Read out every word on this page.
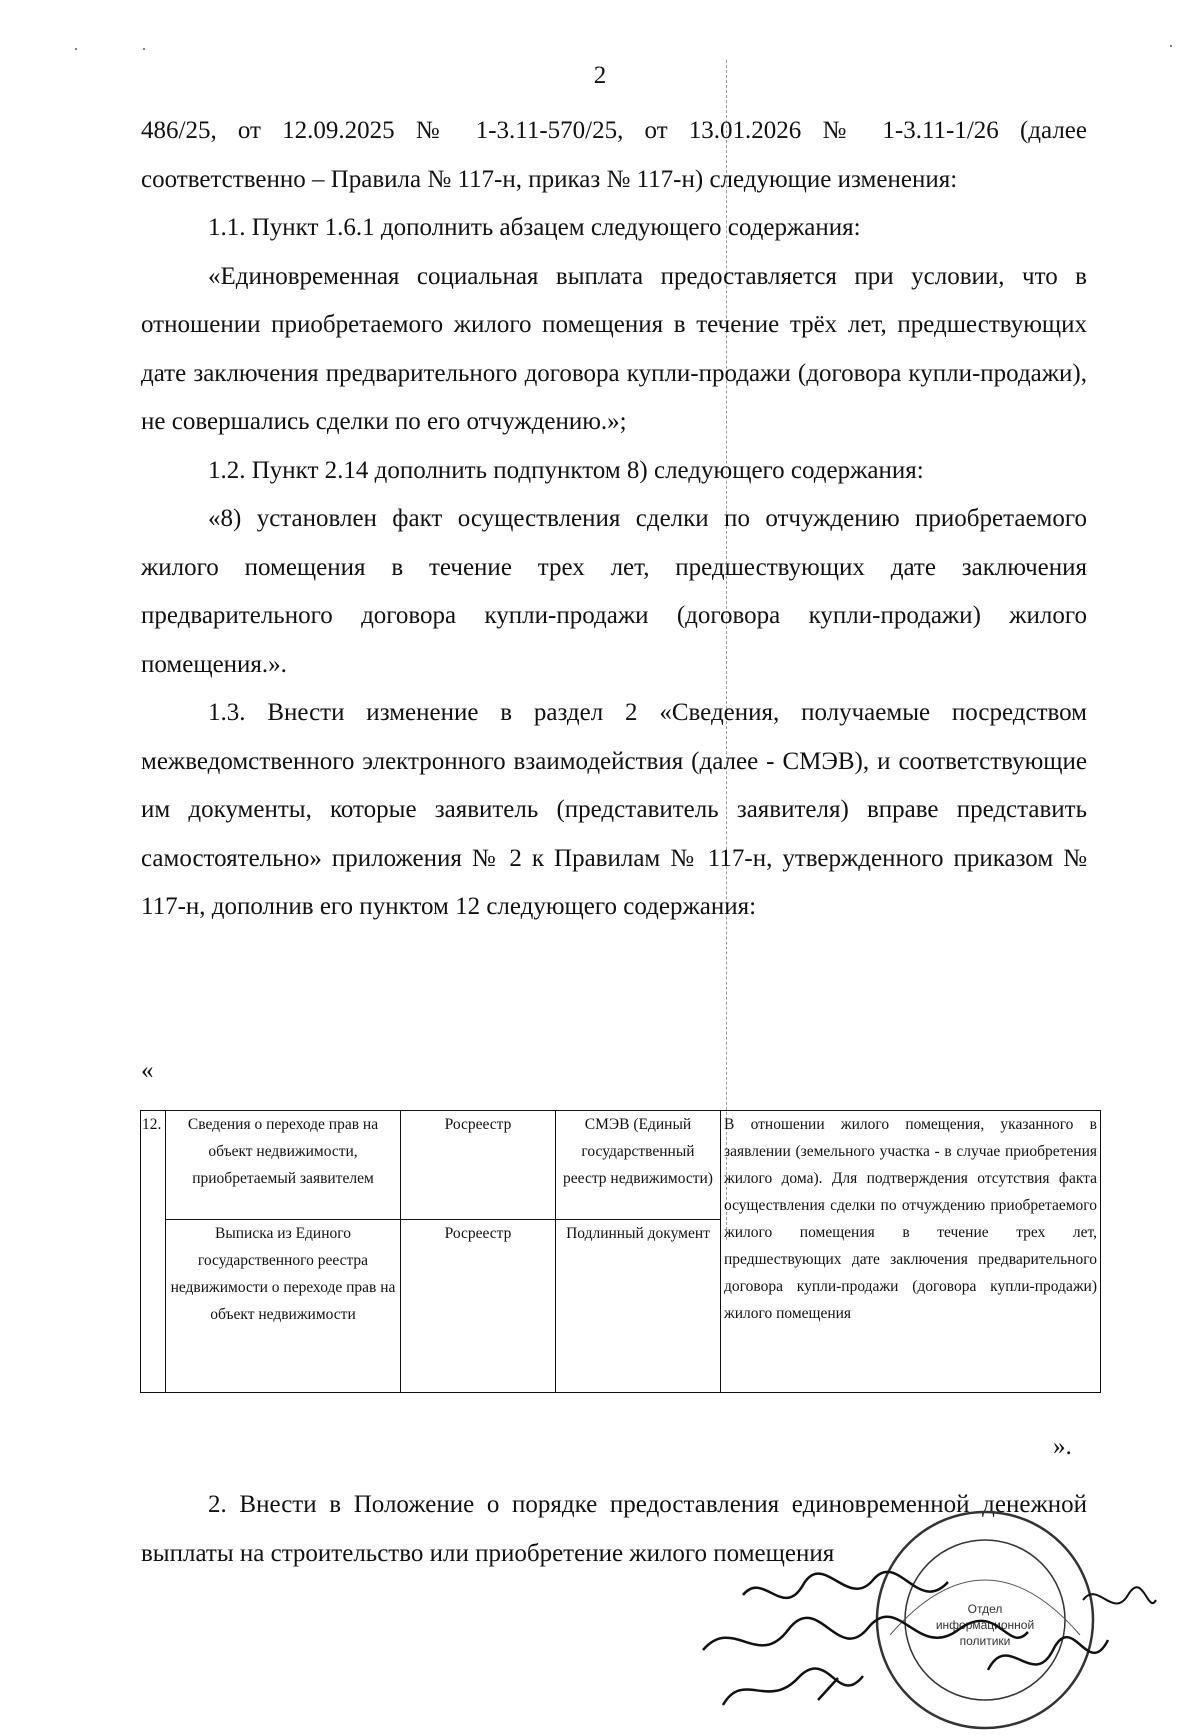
2

486/25, от 12.09.2025 № 1-3.11-570/25, от 13.01.2026 № 1-3.11-1/26 (далее соответственно – Правила № 117-н, приказ № 117-н) следующие изменения:

1.1. Пункт 1.6.1 дополнить абзацем следующего содержания:

«Единовременная социальная выплата предоставляется при условии, что в отношении приобретаемого жилого помещения в течение трёх лет, предшествующих дате заключения предварительного договора купли-продажи (договора купли-продажи), не совершались сделки по его отчуждению.»;

1.2. Пункт 2.14 дополнить подпунктом 8) следующего содержания:

«8) установлен факт осуществления сделки по отчуждению приобретаемого жилого помещения в течение трех лет, предшествующих дате заключения предварительного договора купли-продажи (договора купли-продажи) жилого помещения.».

1.3. Внести изменение в раздел 2 «Сведения, получаемые посредством межведомственного электронного взаимодействия (далее - СМЭВ), и соответствующие им документы, которые заявитель (представитель заявителя) вправе представить самостоятельно» приложения № 2 к Правилам № 117-н, утвержденного приказом № 117-н, дополнив его пунктом 12 следующего содержания:

«
12.	Сведения о переходе прав на объект недвижимости, приобретаемый заявителем	Росреестр	СМЭВ (Единый государственный реестр недвижимости)	В отношении жилого помещения, указанного в заявлении (земельного участка - в случае приобретения жилого дома). Для подтверждения отсутствия факта осуществления сделки по отчуждению приобретаемого жилого помещения в течение трех лет, предшествующих дате заключения предварительного договора купли-продажи (договора купли-продажи) жилого помещения
	Выписка из Единого государственного реестра недвижимости о переходе прав на объект недвижимости	Росреестр	Подлинный документ	
».

2. Внести в Положение о порядке предоставления единовременной денежной выплаты на строительство или приобретение жилого помещения

Отдел
информационной
политики
